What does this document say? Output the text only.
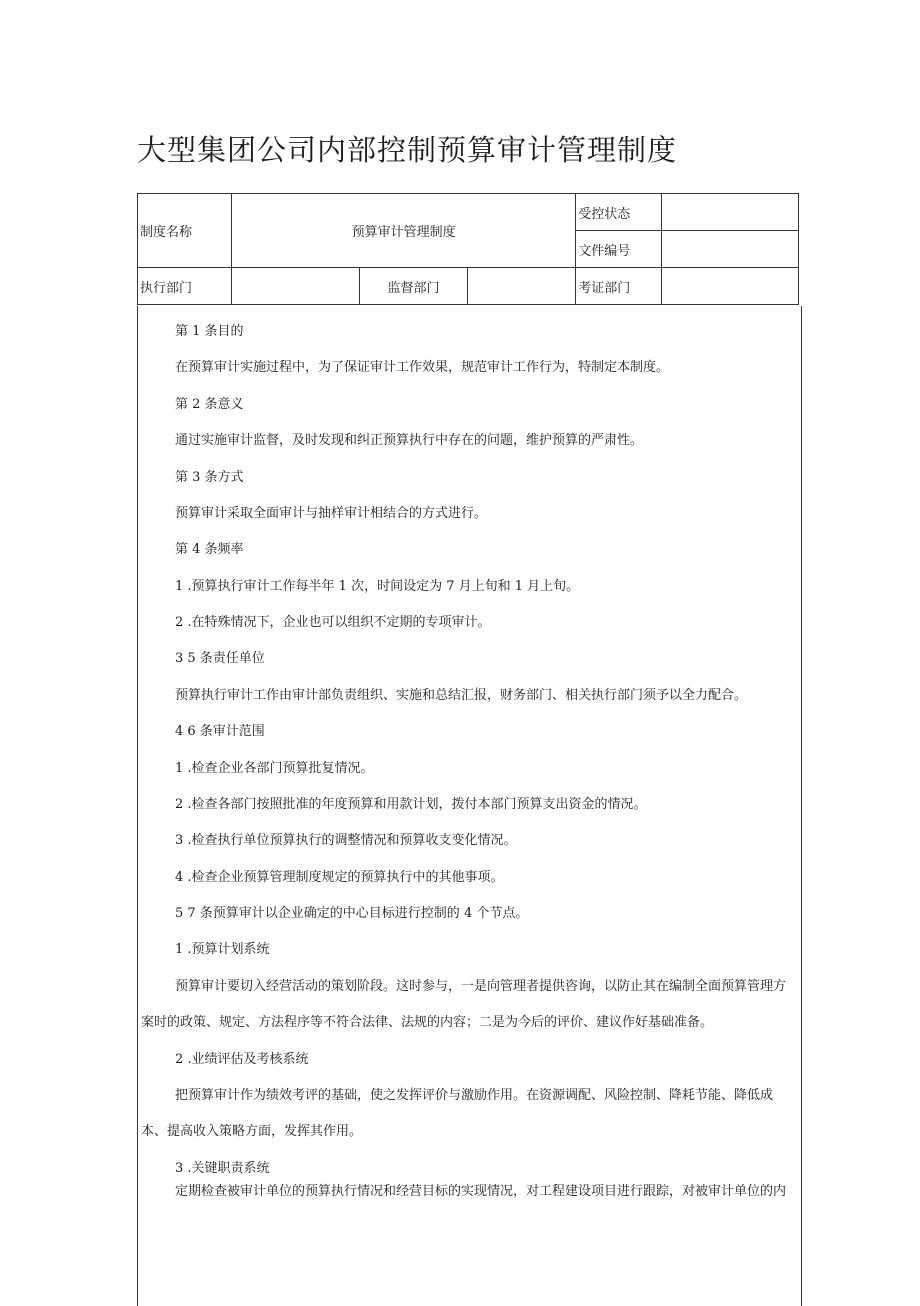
大型集团公司内部控制预算审计管理制度
制度名称	预算审计管理制度			受控状态	
				文件编号	
执行部门		监督部门		考证部门	
第 1 条目的
在预算审计实施过程中，为了保证审计工作效果，规范审计工作行为，特制定本制度。
第 2 条意义
通过实施审计监督，及时发现和纠正预算执行中存在的问题，维护预算的严肃性。
第 3 条方式
预算审计采取全面审计与抽样审计相结合的方式进行。
第 4 条频率
1 .预算执行审计工作每半年 1 次，时间设定为 7 月上旬和 1 月上旬。
2 .在特殊情况下，企业也可以组织不定期的专项审计。
3 5 条责任单位
预算执行审计工作由审计部负责组织、实施和总结汇报，财务部门、相关执行部门须予以全力配合。
4 6 条审计范围
1 .检查企业各部门预算批复情况。
2 .检查各部门按照批准的年度预算和用款计划，拨付本部门预算支出资金的情况。
3 .检查执行单位预算执行的调整情况和预算收支变化情况。
4 .检查企业预算管理制度规定的预算执行中的其他事项。
5 7 条预算审计以企业确定的中心目标进行控制的 4 个节点。
1 .预算计划系统
预算审计要切入经营活动的策划阶段。这时参与，一是向管理者提供咨询，以防止其在编制全面预算管理方
案时的政策、规定、方法程序等不符合法律、法规的内容；二是为今后的评价、建议作好基础准备。
2 .业绩评估及考核系统
把预算审计作为绩效考评的基础，使之发挥评价与激励作用。在资源调配、风险控制、降耗节能、降低成
本、提高收入策略方面，发挥其作用。
3 .关键职责系统
定期检查被审计单位的预算执行情况和经营目标的实现情况，对工程建设项目进行跟踪，对被审计单位的内
